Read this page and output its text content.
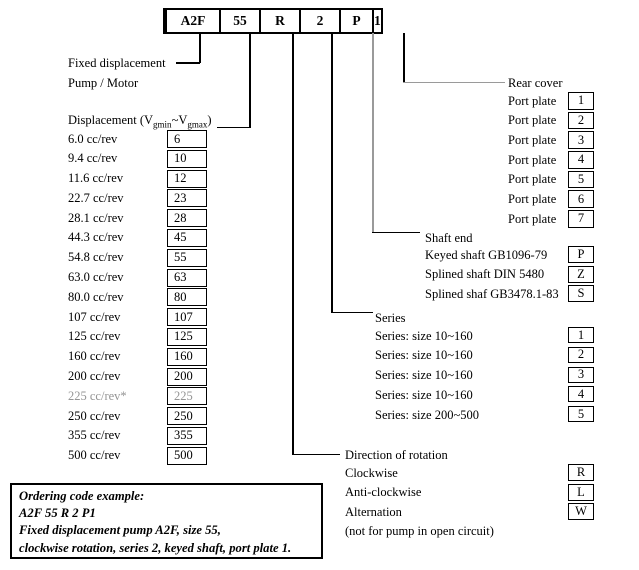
A2F	55	R	2	P 1
Fixed displacement
Pump / Motor
Displacement $(V_{gmin}\sim V_{gmax})$
6.0 cc/rev	6
9.4 cc/rev	10
11.6 cc/rev	12
22.7 cc/rev	23
28.1 cc/rev	28
44.3 cc/rev	45
54.8 cc/rev	55
63.0 cc/rev	63
80.0 cc/rev	80
107 cc/rev	107
125 cc/rev	125
160 cc/rev	160
200 cc/rev	200
225 cc/rev*	225
250 cc/rev	250
355 cc/rev	355
500 cc/rev	500
Rear cover
Port plate	1
Port plate	2
Port plate	3
Port plate	4
Port plate	5
Port plate	6
Port plate	7
Shaft end
Keyed shaft GB1096-79	P
Splined shaft DIN 5480	Z
Splined shaf GB3478.1-83	S
Series
Series: size 10~160	1
Series: size 10~160	2
Series: size 10~160	3
Series: size 10~160	4
Series: size 200~500	5
Direction of rotation
Clockwise	R
Anti-clockwise	L
Alternation	W
(not for pump in open circuit)
Ordering code example:
A2F 55 R 2 P1
Fixed displacement pump A2F, size 55,
clockwise rotation, series 2, keyed shaft, port plate 1.
